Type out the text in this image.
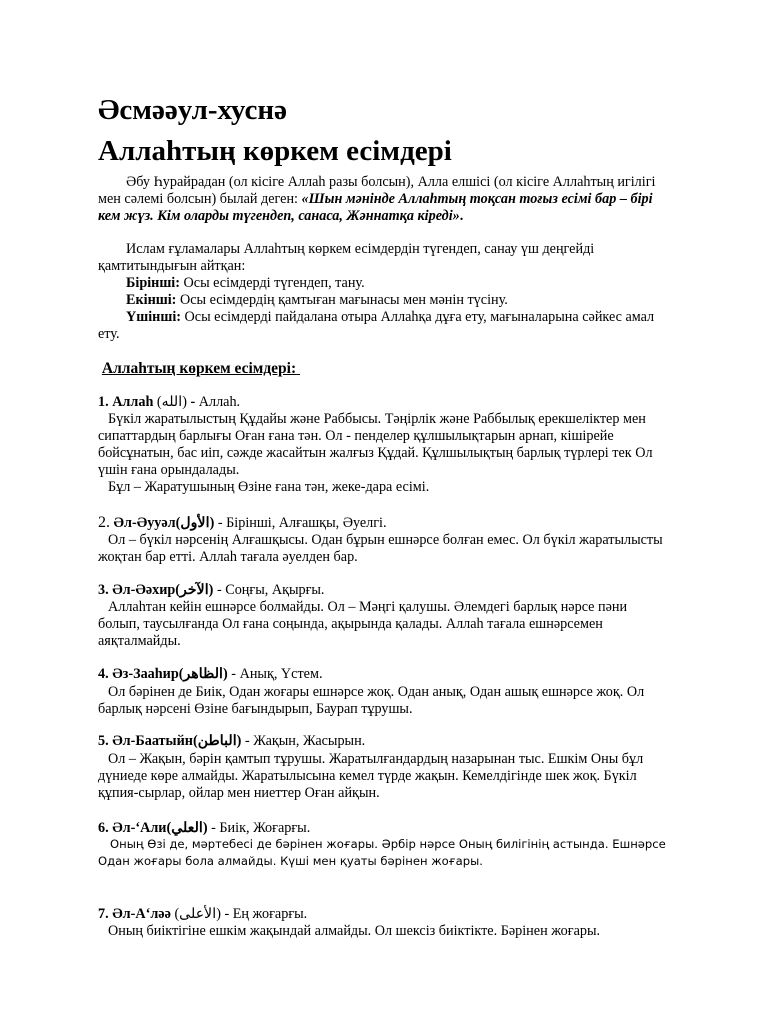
Әсмәәул-хуснә
Аллаһтың көркем есімдері

Әбу Һурайрадан (ол кісіге Аллаһ разы болсын), Алла елшісі (ол кісіге Аллаһтың игілігі мен сәлемі болсын) былай деген: «Шын мәнінде Аллаһтың тоқсан тоғыз есімі бар – бірі кем жүз. Кім оларды түгендеп, санаса, Жәннатқа кіреді».

Ислам ғұламалары Аллаһтың көркем есімдердін түгендеп, санау үш деңгейді қамтитындығын айтқан:

Бірінші: Осы есімдерді түгендеп, тану.

Екінші: Осы есімдердің қамтыған мағынасы мен мәнін түсіну.

Үшінші: Осы есімдерді пайдалана отыра Аллаһқа дұға ету, мағыналарына сәйкес амал ету.

Аллаһтың көркем есімдері:

1. Аллаh (الله) - Аллаh.

Бүкіл жаратылыстың Құдайы және Раббысы. Тәңірлік және Раббылық ерекшеліктер мен сипаттардың барлығы Оған ғана тән. Ол - пенделер құлшылықтарын арнап, кішірейе бойсұнатын, бас иіп, сәжде жасайтын жалғыз Құдай. Құлшылықтың барлық түрлері тек Ол үшін ғана орындалады.

Бұл – Жаратушының Өзіне ғана тән, жеке-дара есімі.

2. Әл-Әууәл(الأول) - Бірінші, Алғашқы, Әуелгі.

Ол – бүкіл нәрсенің Алғашқысы. Одан бұрын ешнәрсе болған емес. Ол бүкіл жаратылысты жоқтан бар етті. Аллаһ тағала әуелден бар.

3. Әл-Әәхир(الآخر) - Соңғы, Ақырғы.

Аллаһтан кейін ешнәрсе болмайды. Ол – Мәңгі қалушы. Әлемдегі барлық нәрсе пәни болып, таусылғанда Ол ғана соңында, ақырында қалады. Аллаһ тағала ешнәрсемен аяқталмайды.

4. Әз-Зааһир(الظاهر) - Анық, Үстем.

Ол бәрінен де Биік, Одан жоғары ешнәрсе жоқ. Одан анық, Одан ашық ешнәрсе жоқ. Ол барлық нәрсені Өзіне бағындырып, Баурап тұрушы.

5. Әл-Баатыйн(الباطن) - Жақын, Жасырын.

Ол – Жақын, бәрін қамтып тұрушы. Жаратылғандардың назарынан тыс. Ешкім Оны бұл дүниеде көре алмайды. Жаратылысына кемел түрде жақын. Кемелдігінде шек жоқ. Бүкіл құпия-сырлар, ойлар мен ниеттер Оған айқын.

6. Әл-‘Али(العلي) - Биік, Жоғарғы.

Оның Өзі де, мәртебесі де бәрінен жоғары. Әрбір нәрсе Оның билігінің астында. Ешнәрсе Одан жоғары бола алмайды. Күші мен қуаты бәрінен жоғары.

7. Әл-А‘ләә (الأعلى) - Ең жоғарғы.

Оның биіктігіне ешкім жақындай алмайды. Ол шексіз биіктікте. Бәрінен жоғары.
